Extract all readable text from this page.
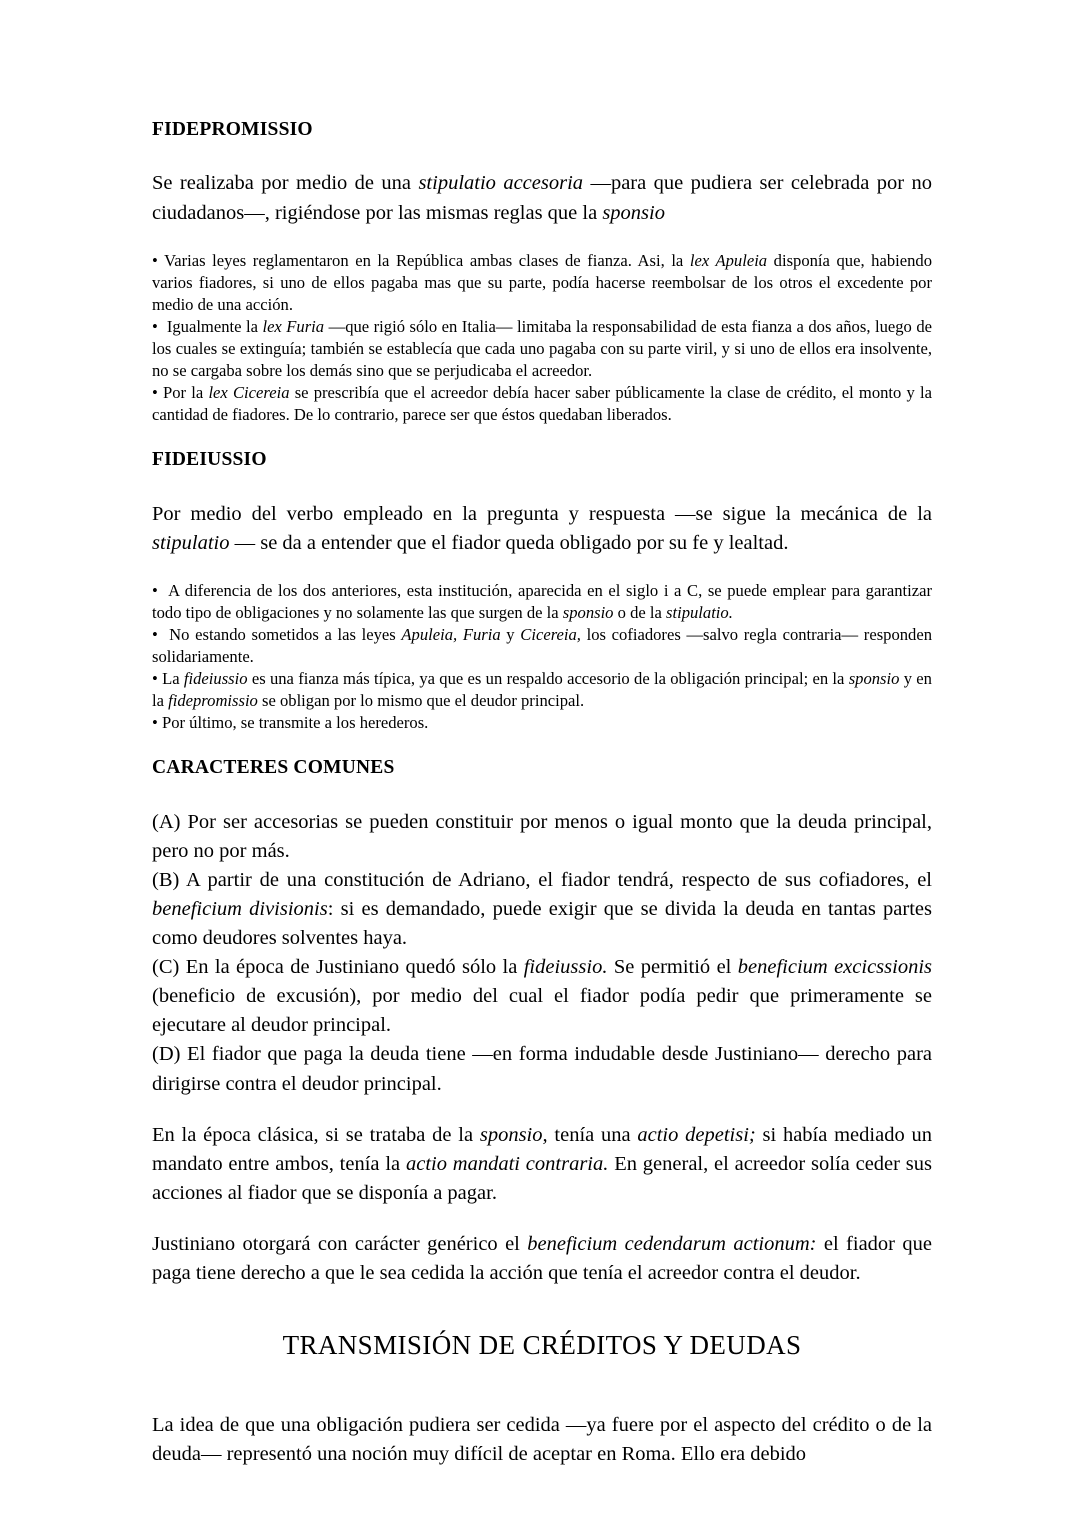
FIDEPROMISSIO

Se realizaba por medio de una stipulatio accesoria —para que pudiera ser celebrada por no ciudadanos—, rigiéndose por las mismas reglas que la sponsio

• Varias leyes reglamentaron en la República ambas clases de fianza. Asi, la lex Apuleia disponía que, habiendo varios fiadores, si uno de ellos pagaba mas que su parte, podía hacerse reembolsar de los otros el excedente por medio de una acción.
• Igualmente la lex Furia —que rigió sólo en Italia— limitaba la responsabilidad de esta fianza a dos años, luego de los cuales se extinguía; también se establecía que cada uno pagaba con su parte viril, y si uno de ellos era insolvente, no se cargaba sobre los demás sino que se perjudicaba el acreedor.
• Por la lex Cicereia se prescribía que el acreedor debía hacer saber públicamente la clase de crédito, el monto y la cantidad de fiadores. De lo contrario, parece ser que éstos quedaban liberados.
FIDEIUSSIO

Por medio del verbo empleado en la pregunta y respuesta —se sigue la mecánica de la stipulatio — se da a entender que el fiador queda obligado por su fe y lealtad.

• A diferencia de los dos anteriores, esta institución, aparecida en el siglo i a C, se puede emplear para garantizar todo tipo de obligaciones y no solamente las que surgen de la sponsio o de la stipulatio.
• No estando sometidos a las leyes Apuleia, Furia y Cicereia, los cofiadores —salvo regla contraria— responden solidariamente.
• La fideiussio es una fianza más típica, ya que es un respaldo accesorio de la obligación principal; en la sponsio y en la fidepromissio se obligan por lo mismo que el deudor principal.
• Por último, se transmite a los herederos.
CARACTERES COMUNES

(A) Por ser accesorias se pueden constituir por menos o igual monto que la deuda principal, pero no por más.

(B) A partir de una constitución de Adriano, el fiador tendrá, respecto de sus cofiadores, el beneficium divisionis: si es demandado, puede exigir que se divida la deuda en tantas partes como deudores solventes haya.

(C) En la época de Justiniano quedó sólo la fideiussio. Se permitió el beneficium excicssionis (beneficio de excusión), por medio del cual el fiador podía pedir que primeramente se ejecutare al deudor principal.

(D) El fiador que paga la deuda tiene —en forma indudable desde Justiniano— derecho para dirigirse contra el deudor principal.

En la época clásica, si se trataba de la sponsio, tenía una actio depetisi; si había mediado un mandato entre ambos, tenía la actio mandati contraria. En general, el acreedor solía ceder sus acciones al fiador que se disponía a pagar.

Justiniano otorgará con carácter genérico el beneficium cedendarum actionum: el fiador que paga tiene derecho a que le sea cedida la acción que tenía el acreedor contra el deudor.

TRANSMISIÓN DE CRÉDITOS Y DEUDAS

La idea de que una obligación pudiera ser cedida —ya fuere por el aspecto del crédito o de la deuda— representó una noción muy difícil de aceptar en Roma. Ello era debido
